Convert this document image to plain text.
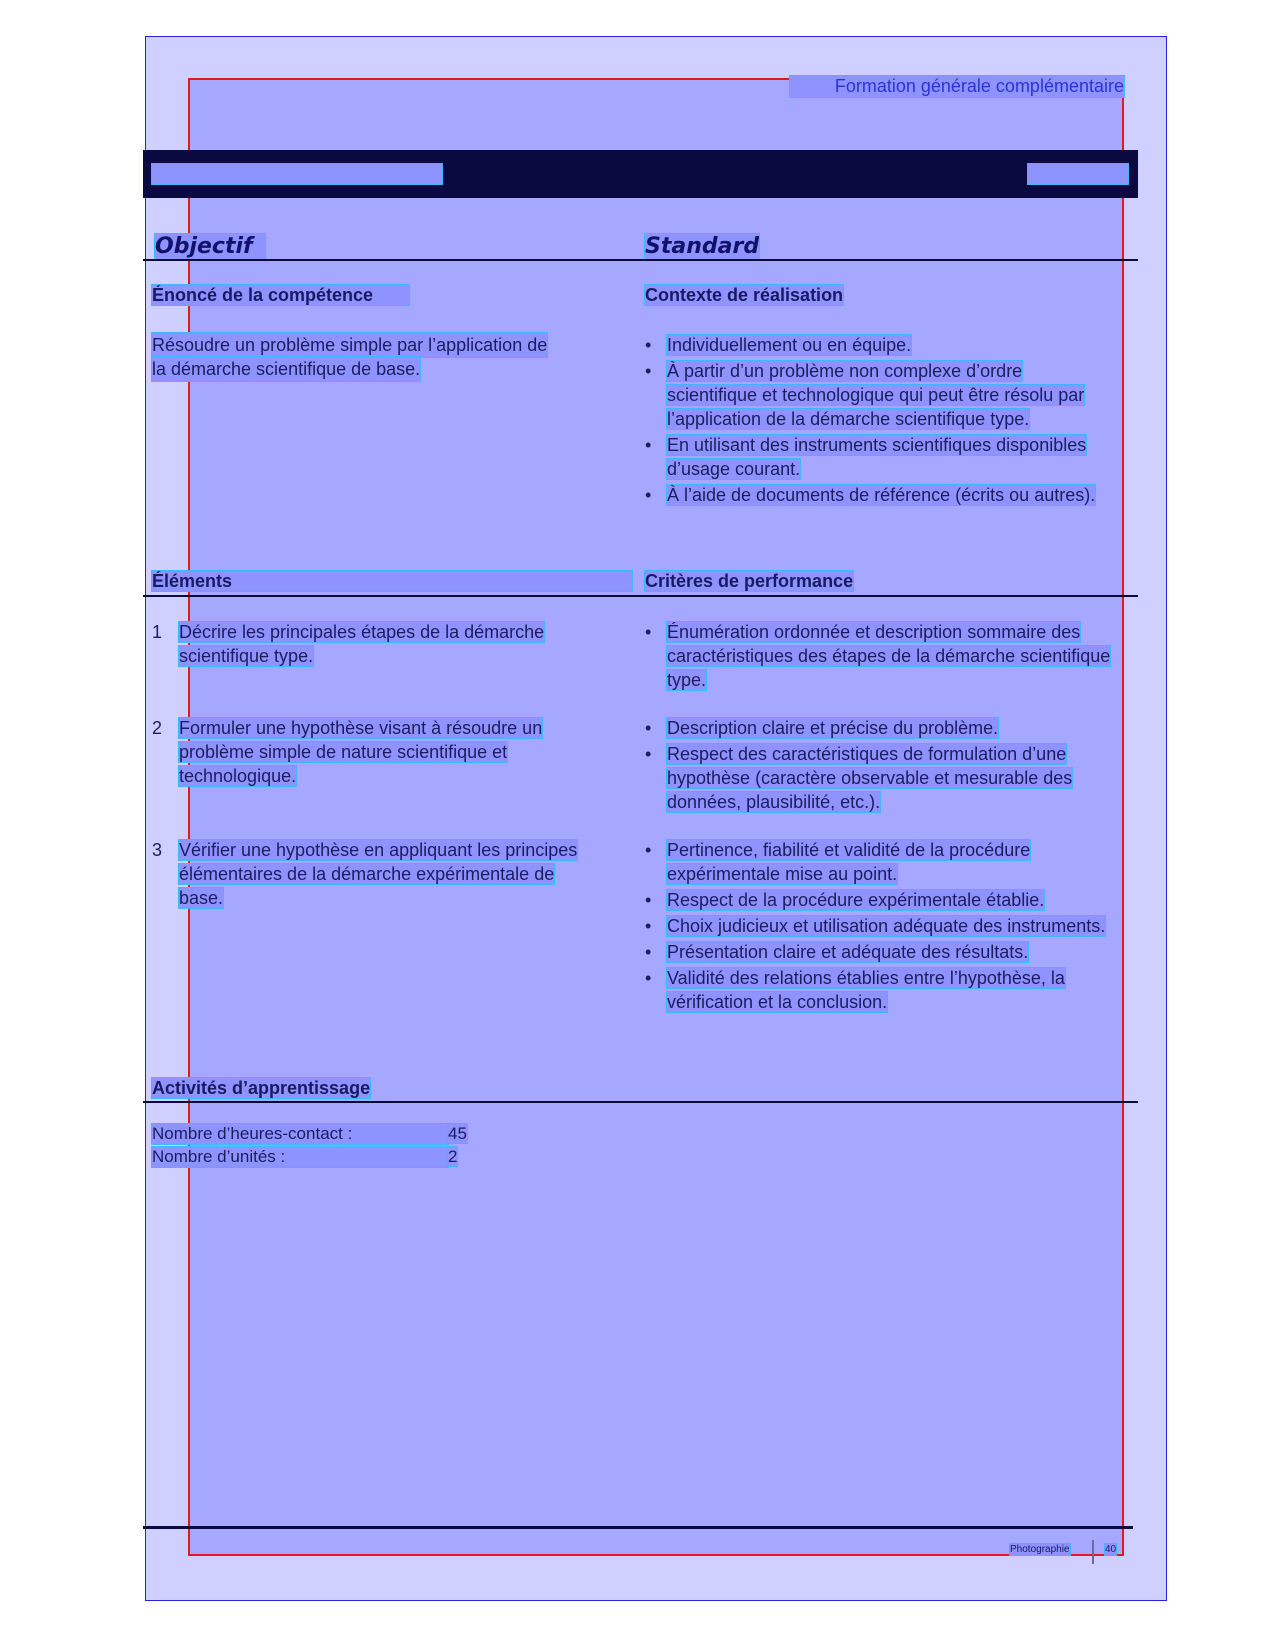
Formation générale complémentaire
Culture scientifique et technologique	Code : 000Y
Objectif	Standard
Énoncé de la compétence	Contexte de réalisation
Résoudre un problème simple par l’application de
la démarche scientifique de base.
• Individuellement ou en équipe.
• À partir d’un problème non complexe d’ordre scientifique et technologique qui peut être résolu par l’application de la démarche scientifique type.
• En utilisant des instruments scientifiques disponibles d’usage courant.
• À l’aide de documents de référence (écrits ou autres).
Éléments	Critères de performance
1 Décrire les principales étapes de la démarche scientifique type.
• Énumération ordonnée et description sommaire des caractéristiques des étapes de la démarche scientifique type.
2 Formuler une hypothèse visant à résoudre un problème simple de nature scientifique et technologique.
• Description claire et précise du problème.
• Respect des caractéristiques de formulation d’une hypothèse (caractère observable et mesurable des données, plausibilité, etc.).
3 Vérifier une hypothèse en appliquant les principes élémentaires de la démarche expérimentale de base.
• Pertinence, fiabilité et validité de la procédure expérimentale mise au point.
• Respect de la procédure expérimentale établie.
• Choix judicieux et utilisation adéquate des instruments.
• Présentation claire et adéquate des résultats.
• Validité des relations établies entre l’hypothèse, la vérification et la conclusion.
Activités d’apprentissage
Nombre d’heures-contact :	45
Nombre d’unités :	2
Photographie	40
